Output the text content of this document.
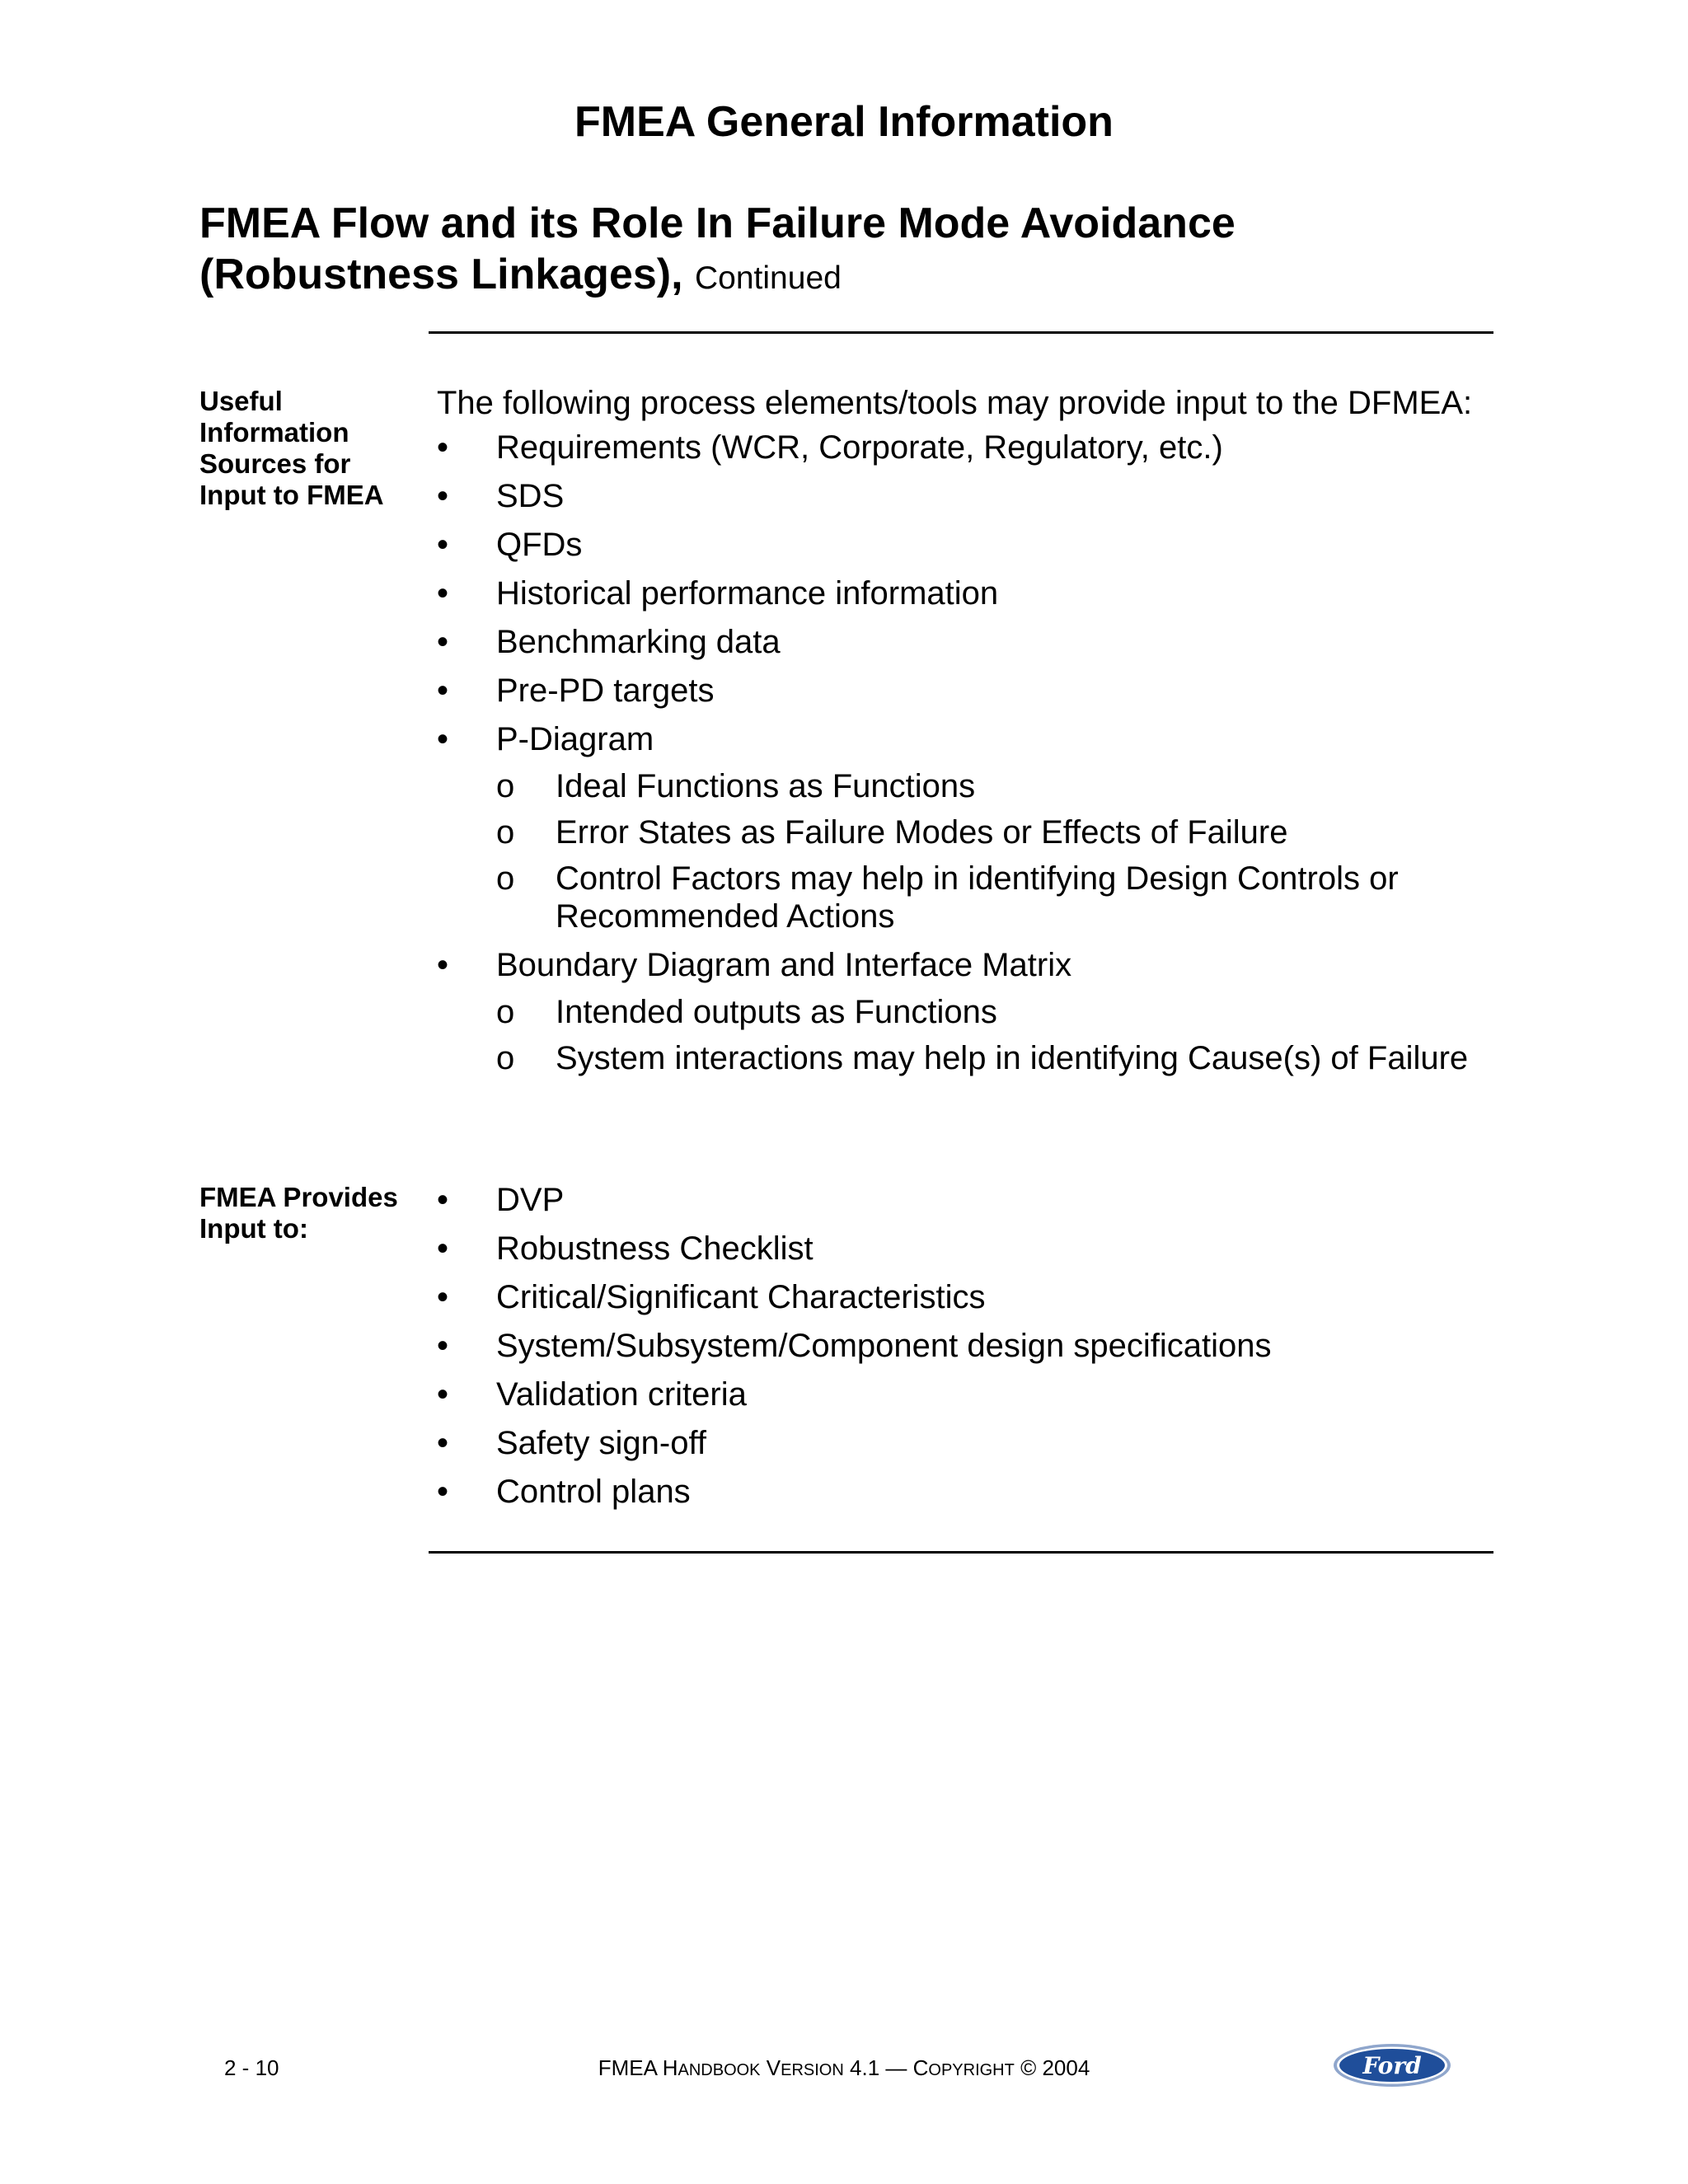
FMEA General Information
FMEA Flow and its Role In Failure Mode Avoidance
(Robustness Linkages), Continued

Useful Information Sources for Input to FMEA

The following process elements/tools may provide input to the DFMEA:

•	Requirements (WCR, Corporate, Regulatory, etc.)
•	SDS
•	QFDs
•	Historical performance information
•	Benchmarking data
•	Pre-PD targets
•	P-Diagram
o Ideal Functions as Functions
o Error States as Failure Modes or Effects of Failure
o Control Factors may help in identifying Design Controls or Recommended Actions
•	Boundary Diagram and Interface Matrix
o Intended outputs as Functions
o System interactions may help in identifying Cause(s) of Failure

FMEA Provides Input to:

•	DVP
•	Robustness Checklist
•	Critical/Significant Characteristics
•	System/Subsystem/Component design specifications
•	Validation criteria
•	Safety sign-off
•	Control plans
2 - 10	FMEA HANDBOOK VERSION 4.1 — COPYRIGHT © 2004	Ford
